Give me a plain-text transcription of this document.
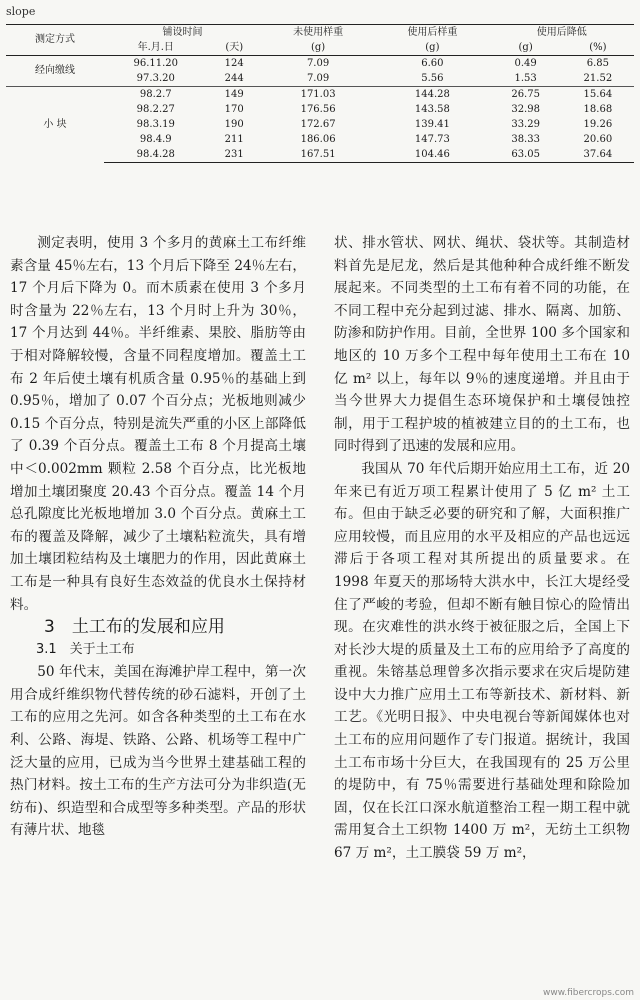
slope
测定方式	铺设时间		未使用样重	使用后样重	使用后降低	
	年.月.日	(天)	(g)	(g)	(g)	(%)
经向缴线	96.11.20	124	7.09	6.60	0.49	6.85
	97.3.20	244	7.09	5.56	1.53	21.52
小 块	98.2.7	149	171.03	144.28	26.75	15.64
	98.2.27	170	176.56	143.58	32.98	18.68
	98.3.19	190	172.67	139.41	33.29	19.26
	98.4.9	211	186.06	147.73	38.33	20.60
	98.4.28	231	167.51	104.46	63.05	37.64

测定表明，使用 3 个多月的黄麻土工布纤维素含量 45％左右，13 个月后下降至 24％左右，17 个月后下降为 0。而木质素在使用 3 个多月时含量为 22％左右，13 个月时上升为 30％，17 个月达到 44％。半纤维素、果胶、脂肪等由于相对降解较慢，含量不同程度增加。覆盖土工布 2 年后使土壤有机质含量 0.95％的基础上到 0.95％，增加了 0.07 个百分点；光板地则减少 0.15 个百分点，特别是流失严重的小区上部降低了 0.39 个百分点。覆盖土工布 8 个月提高土壤中＜0.002mm 颗粒 2.58 个百分点，比光板地增加土壤团聚度 20.43 个百分点。覆盖 14 个月总孔隙度比光板地增加 3.0 个百分点。黄麻土工布的覆盖及降解，减少了土壤粘粒流失，具有增加土壤团粒结构及土壤肥力的作用，因此黄麻土工布是一种具有良好生态效益的优良水土保持材料。

3　土工布的发展和应用

3.1　关于土工布

50 年代末，美国在海滩护岸工程中，第一次用合成纤维织物代替传统的砂石滤料，开创了土工布的应用之先河。如含各种类型的土工布在水利、公路、海堤、铁路、公路、机场等工程中广泛大量的应用，已成为当今世界土建基础工程的热门材料。按土工布的生产方法可分为非织造(无纺布)、织造型和合成型等多种类型。产品的形状有薄片状、地毯

状、排水管状、网状、绳状、袋状等。其制造材料首先是尼龙，然后是其他种种合成纤维不断发展起来。不同类型的土工布有着不同的功能，在不同工程中充分起到过滤、排水、隔离、加筋、防渗和防护作用。目前，全世界 100 多个国家和地区的 10 万多个工程中每年使用土工布在 10 亿 m² 以上，每年以 9％的速度递增。并且由于当今世界大力提倡生态环境保护和土壤侵蚀控制，用于工程护坡的植被建立目的的土工布，也同时得到了迅速的发展和应用。

我国从 70 年代后期开始应用土工布，近 20 年来已有近万项工程累计使用了 5 亿 m² 土工布。但由于缺乏必要的研究和了解，大面积推广应用较慢，而且应用的水平及相应的产品也远远滞后于各项工程对其所提出的质量要求。在 1998 年夏天的那场特大洪水中，长江大堤经受住了严峻的考验，但却不断有触目惊心的险情出现。在灾难性的洪水终于被征服之后，全国上下对长沙大堤的质量及土工布的应用给予了高度的重视。朱镕基总理曾多次指示要求在灾后堤防建设中大力推广应用土工布等新技术、新材料、新工艺。《光明日报》、中央电视台等新闻媒体也对土工布的应用问题作了专门报道。据统计，我国土工布市场十分巨大，在我国现有的 25 万公里的堤防中，有 75％需要进行基础处理和除险加固，仅在长江口深水航道整治工程一期工程中就需用复合土工织物 1400 万 m²，无纺土工织物 67 万 m²，土工膜袋 59 万 m²，

www.fibercrops.com
